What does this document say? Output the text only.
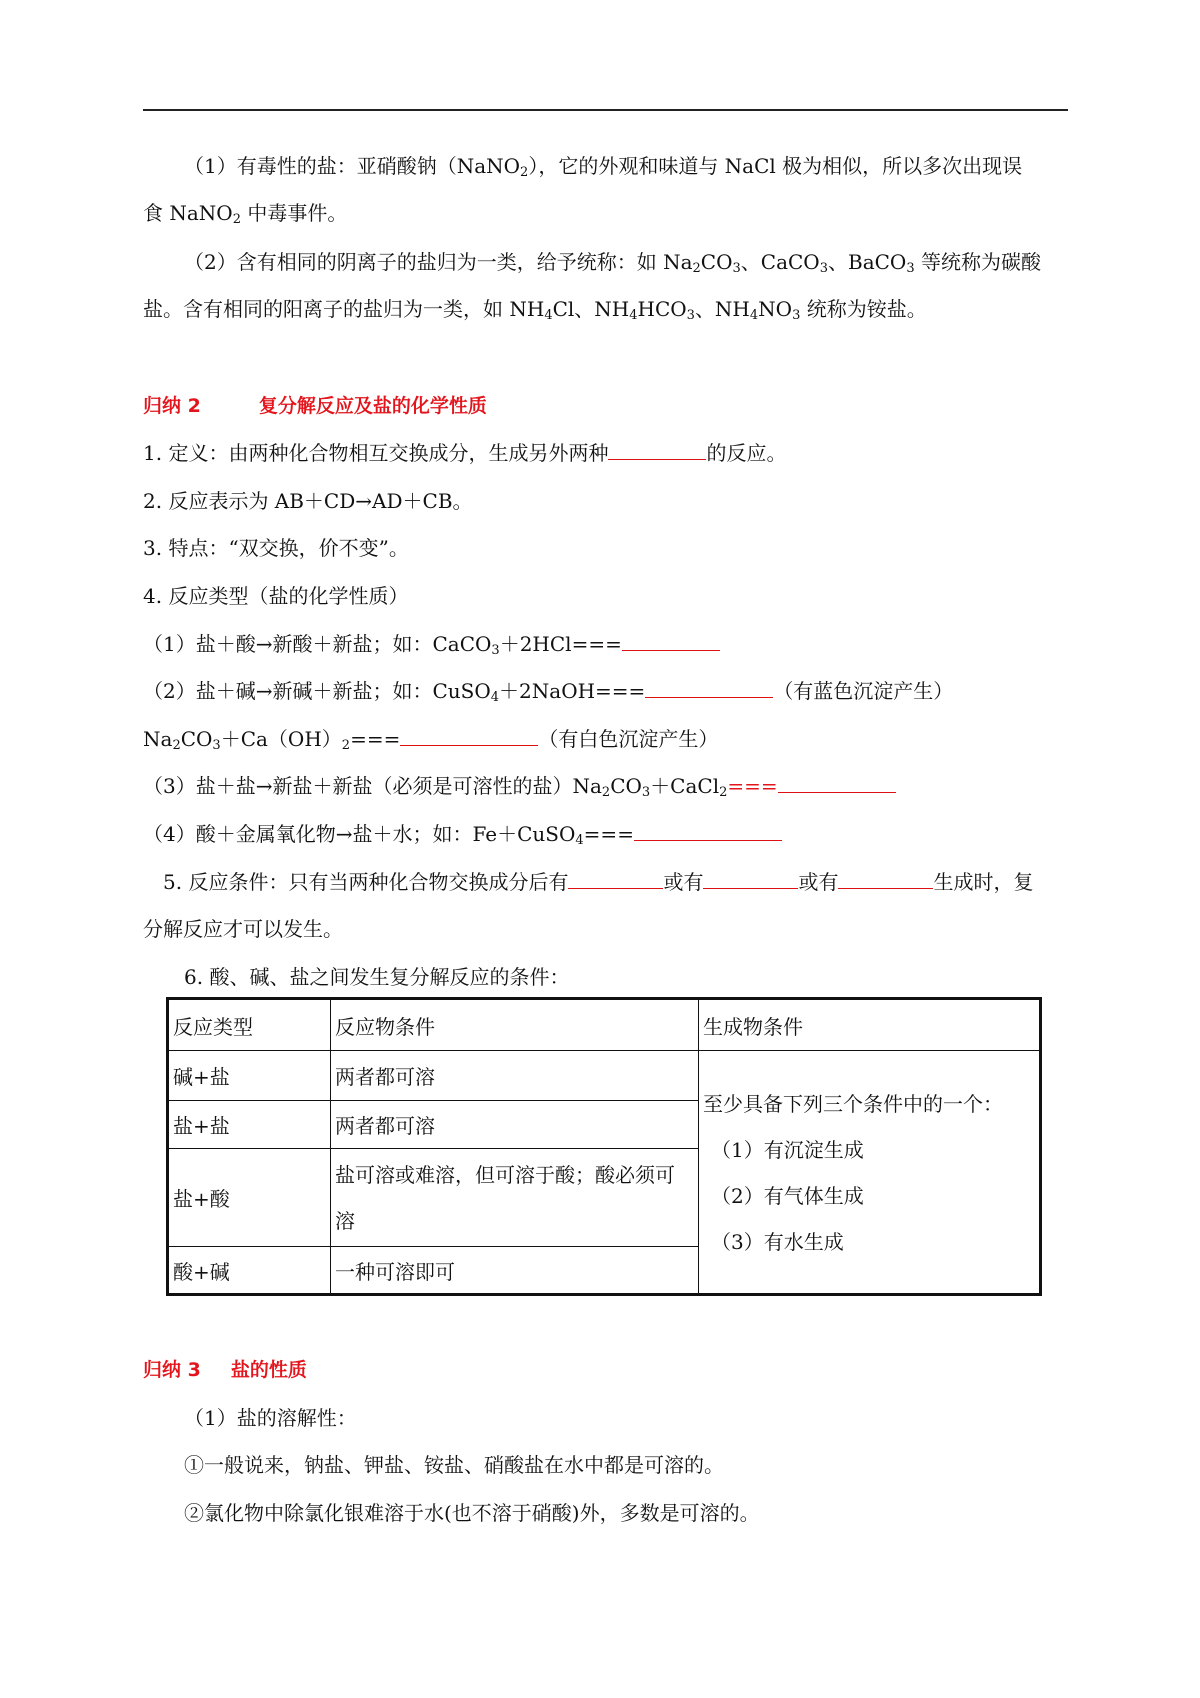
（1）有毒性的盐：亚硝酸钠（NaNO$_2$），它的外观和味道与 NaCl 极为相似，所以多次出现误
食 NaNO$_2$ 中毒事件。
（2）含有相同的阴离子的盐归为一类，给予统称：如 $Na_2CO_3$、CaCO$_3$、BaCO$_3$ 等统称为碳酸
盐。含有相同的阳离子的盐归为一类，如 $NH_4Cl$、$NH_4HCO_3$、$NH_4NO_3$ 统称为铵盐。
归纳 2	复分解反应及盐的化学性质
1. 定义：由两种化合物相互交换成分，生成另外两种	的反应。
2. 反应表示为 AB＋CD→AD＋CB。
3. 特点：“双交换，价不变”。
4. 反应类型（盐的化学性质）
（1）盐＋酸→新酸＋新盐；如：CaCO$_3$＋2HCl===
（2）盐＋碱→新碱＋新盐；如：CuSO$_4$＋2NaOH===	（有蓝色沉淀产生）
$Na_2CO_3+Ca(OH)_2===$	（有白色沉淀产生）
（3）盐＋盐→新盐＋新盐（必须是可溶性的盐）$Na_2CO_3+CaCl_2===$
（4）酸＋金属氧化物→盐＋水；如：Fe＋CuSO$_4$===
5. 反应条件：只有当两种化合物交换成分后有	或有	或有	生成时，复
分解反应才可以发生。
6. 酸、碱、盐之间发生复分解反应的条件：
反应类型	反应物条件	生成物条件
碱+盐	两者都可溶	至少具备下列三个条件中的一个：
（1）有沉淀生成
（2）有气体生成
（3）有水生成

盐+盐	两者都可溶	
盐+酸	盐可溶或难溶，但可溶于酸；酸必须可
溶	

酸+碱	一种可溶即可	
归纳 3 盐的性质
（1）盐的溶解性：
①一般说来，钠盐、钾盐、铵盐、硝酸盐在水中都是可溶的。
②氯化物中除氯化银难溶于水(也不溶于硝酸)外，多数是可溶的。
